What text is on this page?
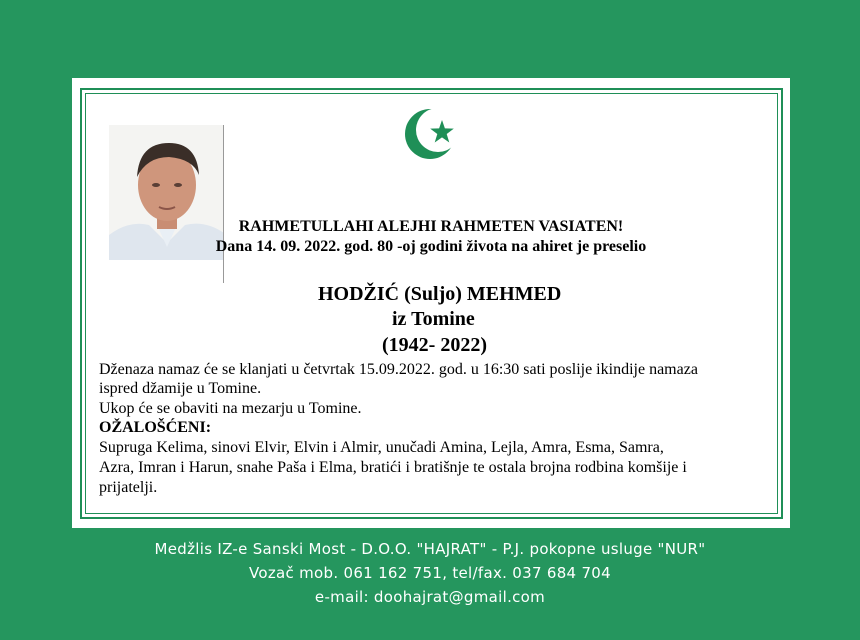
RAHMETULLAHI ALEJHI RAHMETEN VASIATEN!
Dana 14. 09. 2022. god. 80 -oj godini života na ahiret je preselio
HODŽIĆ (Suljo) MEHMED
iz Tomine
(1942- 2022)
Dženaza namaz će se klanjati u četvrtak 15.09.2022. god. u 16:30 sati poslije ikindije namaza
ispred džamije u Tomine.
Ukop će se obaviti na mezarju u Tomine.
OŽALOŠĆENI:
Supruga Kelima, sinovi Elvir, Elvin i Almir, unučadi Amina, Lejla, Amra, Esma, Samra,
Azra, Imran i Harun, snahe Paša i Elma, bratići i bratišnje te ostala brojna rodbina komšije i
prijatelji.
Medžlis IZ-e Sanski Most - D.O.O. "HAJRAT" - P.J. pokopne usluge "NUR"
Vozač mob. 061 162 751, tel/fax. 037 684 704
e-mail: doohajrat@gmail.com
